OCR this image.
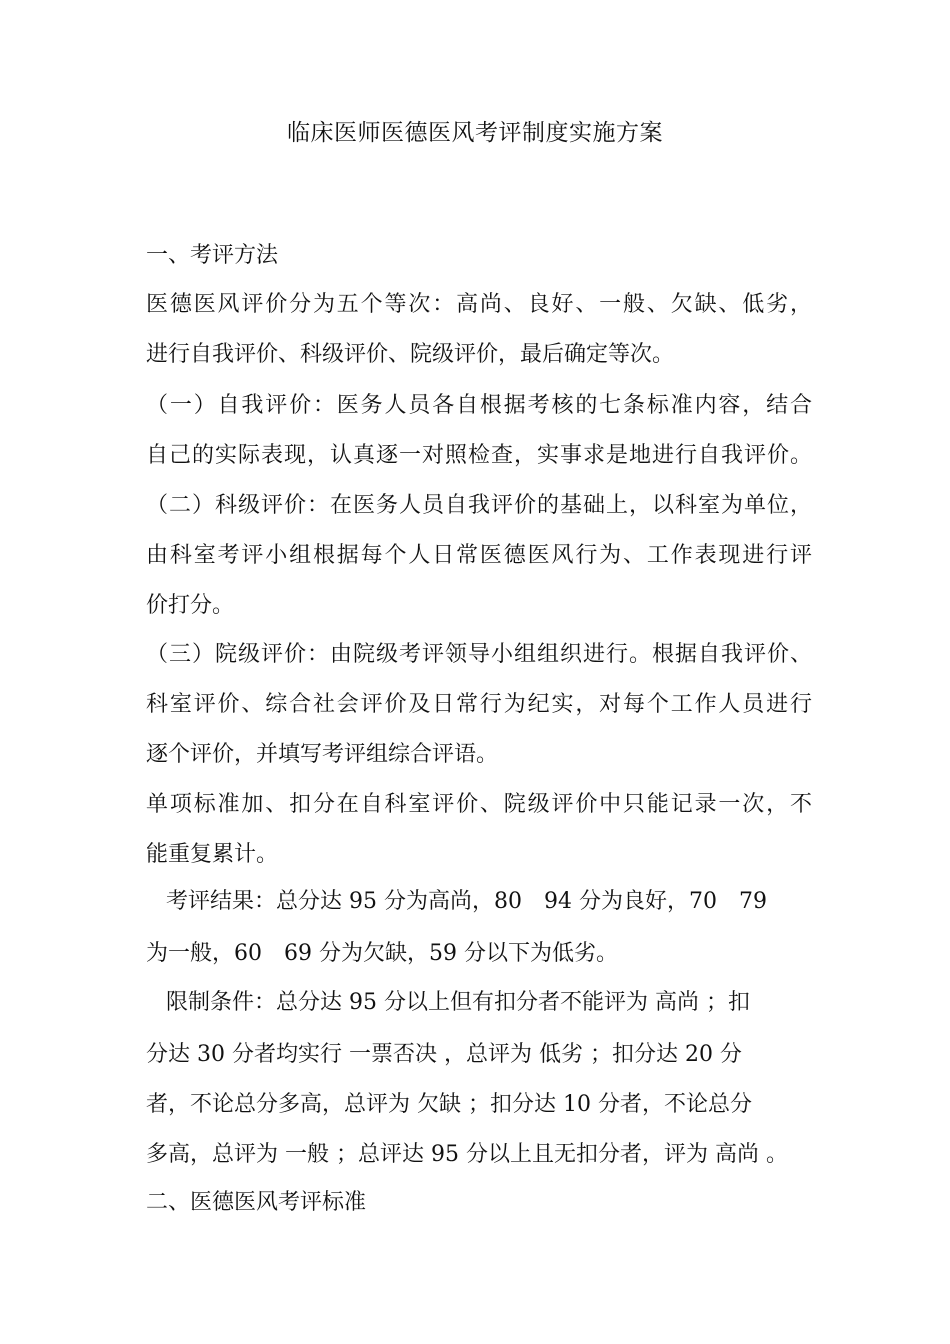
临床医师医德医风考评制度实施方案
一、考评方法
医德医风评价分为五个等次：高尚、良好、一般、欠缺、低劣，
进行自我评价、科级评价、院级评价，最后确定等次。
（一）自我评价：医务人员各自根据考核的七条标准内容，结合
自己的实际表现，认真逐一对照检查，实事求是地进行自我评价。
（二）科级评价：在医务人员自我评价的基础上，以科室为单位，
由科室考评小组根据每个人日常医德医风行为、工作表现进行评
价打分。
（三）院级评价：由院级考评领导小组组织进行。根据自我评价、
科室评价、综合社会评价及日常行为纪实，对每个工作人员进行
逐个评价，并填写考评组综合评语。
单项标准加、扣分在自科室评价、院级评价中只能记录一次，不
能重复累计。
考评结果：总分达 95 分为高尚，80　94 分为良好，70　79
为一般，60　69 分为欠缺，59 分以下为低劣。
限制条件：总分达 95 分以上但有扣分者不能评为 高尚 ；扣
分达 30 分者均实行 一票否决 ，总评为 低劣 ；扣分达 20 分
者，不论总分多高，总评为 欠缺 ；扣分达 10 分者，不论总分
多高，总评为 一般 ；总评达 95 分以上且无扣分者，评为 高尚 。
二、医德医风考评标准
